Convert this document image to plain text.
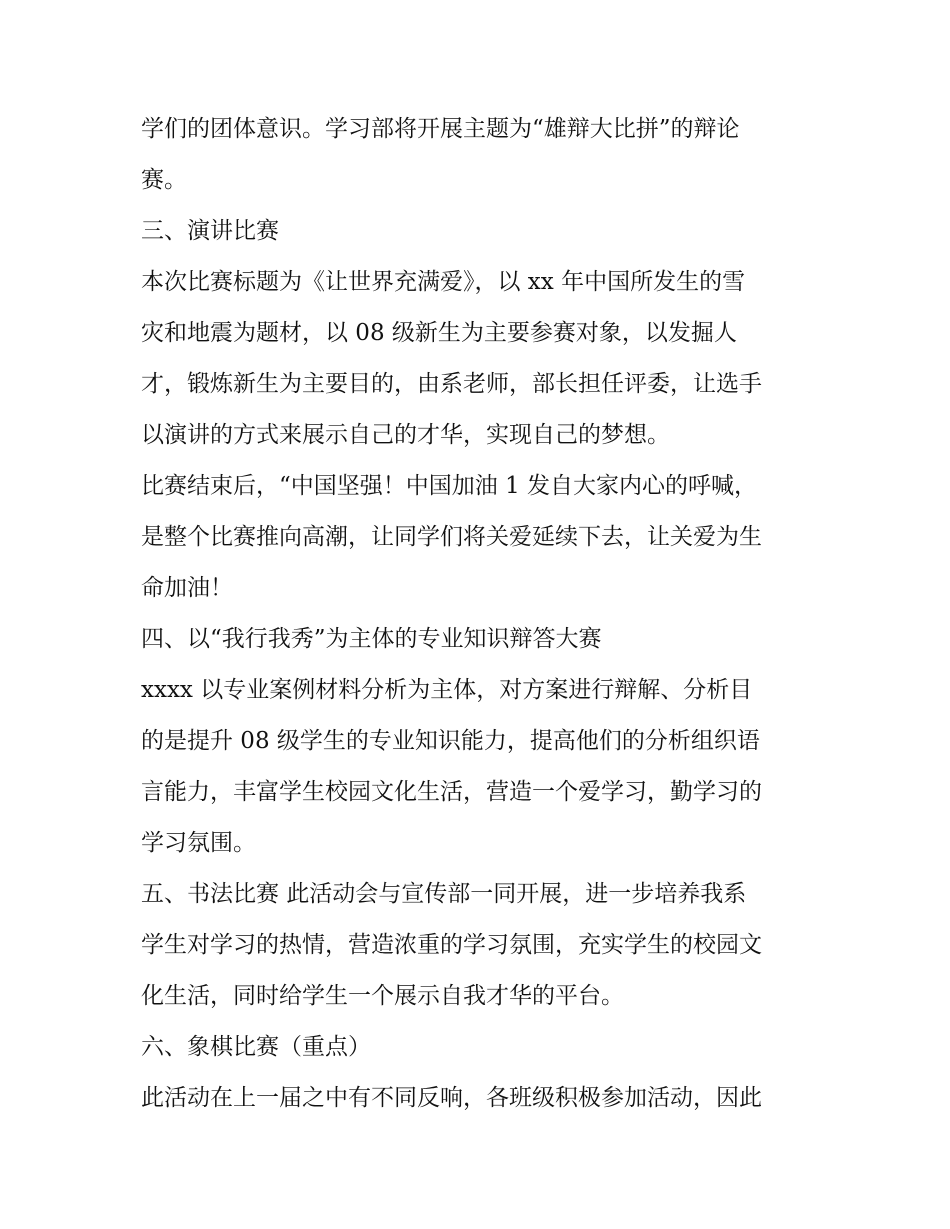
学们的团体意识。学习部将开展主题为“雄辩大比拼”的辩论
赛。
三、演讲比赛
本次比赛标题为《让世界充满爱》，以 xx 年中国所发生的雪
灾和地震为题材，以 08 级新生为主要参赛对象，以发掘人
才，锻炼新生为主要目的，由系老师，部长担任评委，让选手
以演讲的方式来展示自己的才华，实现自己的梦想。
比赛结束后，“中国坚强！中国加油 1 发自大家内心的呼喊，
是整个比赛推向高潮，让同学们将关爱延续下去，让关爱为生
命加油！
四、以“我行我秀”为主体的专业知识辩答大赛
xxxx 以专业案例材料分析为主体，对方案进行辩解、分析目
的是提升 08 级学生的专业知识能力，提高他们的分析组织语
言能力，丰富学生校园文化生活，营造一个爱学习，勤学习的
学习氛围。
五、书法比赛 此活动会与宣传部一同开展，进一步培养我系
学生对学习的热情，营造浓重的学习氛围，充实学生的校园文
化生活，同时给学生一个展示自我才华的平台。
六、象棋比赛（重点）
此活动在上一届之中有不同反响，各班级积极参加活动，因此
